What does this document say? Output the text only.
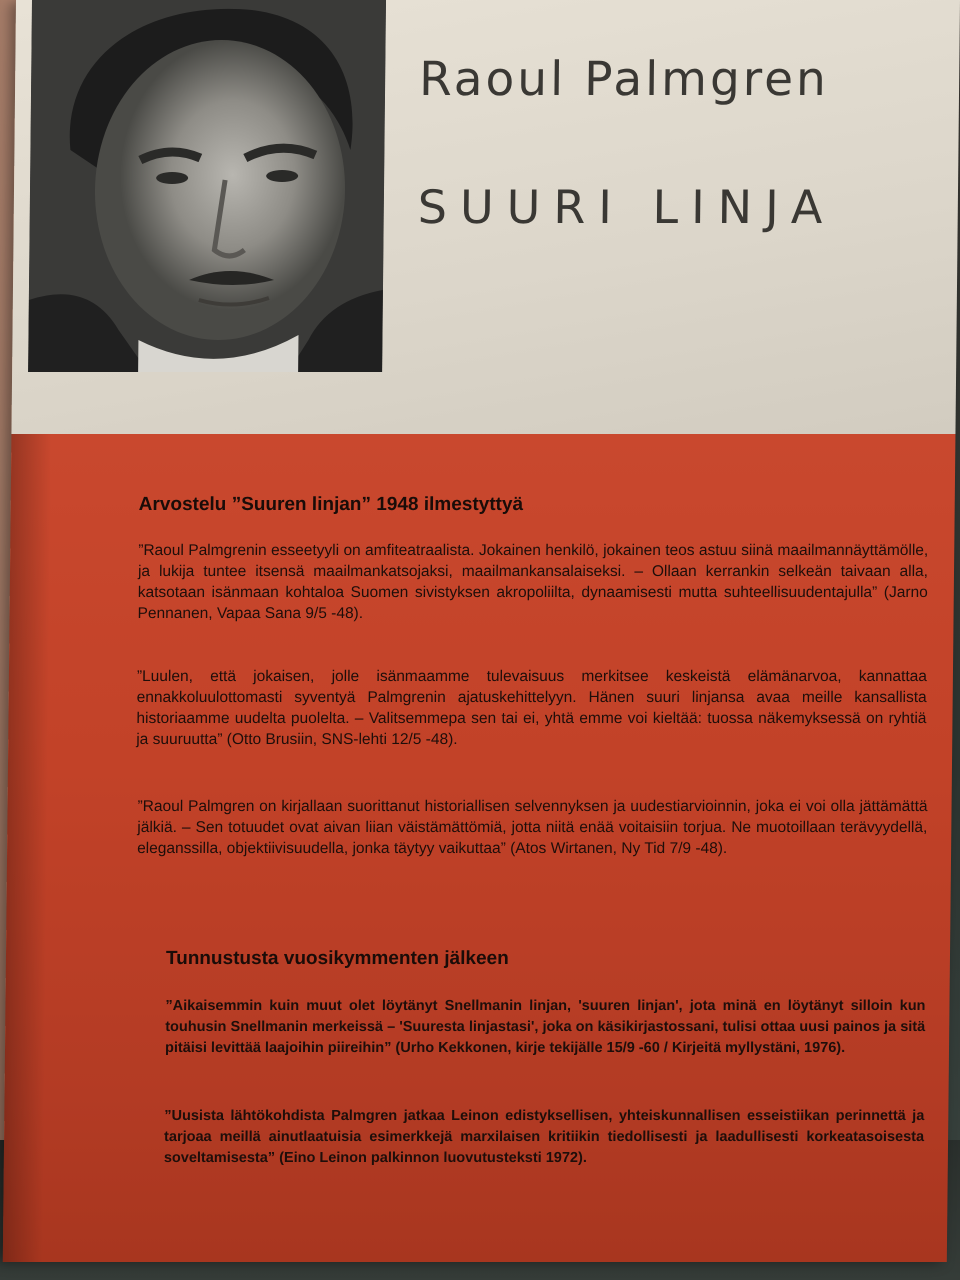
Raoul Palmgren
SUURI LINJA
Arvostelu ”Suuren linjan” 1948 ilmestyttyä
”Raoul Palmgrenin esseetyyli on amfiteatraalista. Jokainen henkilö, jokainen teos astuu siinä maailmannäyttämölle, ja lukija tuntee itsensä maailmankatsojaksi, maailmankansalaiseksi. – Ollaan kerrankin selkeän taivaan alla, katsotaan isänmaan kohtaloa Suomen sivistyksen akropoliilta, dynaamisesti mutta suhteellisuudentajulla” (Jarno Pennanen, Vapaa Sana 9/5 -48).
”Luulen, että jokaisen, jolle isänmaamme tulevaisuus merkitsee keskeistä elämänarvoa, kannattaa ennakkoluulottomasti syventyä Palmgrenin ajatuskehittelyyn. Hänen suuri linjansa avaa meille kansallista historiaamme uudelta puolelta. – Valitsemmepa sen tai ei, yhtä emme voi kieltää: tuossa näkemyksessä on ryhtiä ja suuruutta” (Otto Brusiin, SNS-lehti 12/5 -48).
”Raoul Palmgren on kirjallaan suorittanut historiallisen selvennyksen ja uudestiarvioinnin, joka ei voi olla jättämättä jälkiä. – Sen totuudet ovat aivan liian väistämättömiä, jotta niitä enää voitaisiin torjua. Ne muotoillaan terävyydellä, eleganssilla, objektiivisuudella, jonka täytyy vaikuttaa” (Atos Wirtanen, Ny Tid 7/9 -48).
Tunnustusta vuosikymmenten jälkeen
”Aikaisemmin kuin muut olet löytänyt Snellmanin linjan, 'suuren linjan', jota minä en löytänyt silloin kun touhusin Snellmanin merkeissä – 'Suuresta linjastasi', joka on käsikirjastossani, tulisi ottaa uusi painos ja sitä pitäisi levittää laajoihin piireihin” (Urho Kekkonen, kirje tekijälle 15/9 -60 / Kirjeitä myllystäni, 1976).
”Uusista lähtökohdista Palmgren jatkaa Leinon edistyksellisen, yhteiskunnallisen esseistiikan perinnettä ja tarjoaa meillä ainutlaatuisia esimerkkejä marxilaisen kritiikin tiedollisesti ja laadullisesti korkeatasoisesta soveltamisesta” (Eino Leinon palkinnon luovutusteksti 1972).
